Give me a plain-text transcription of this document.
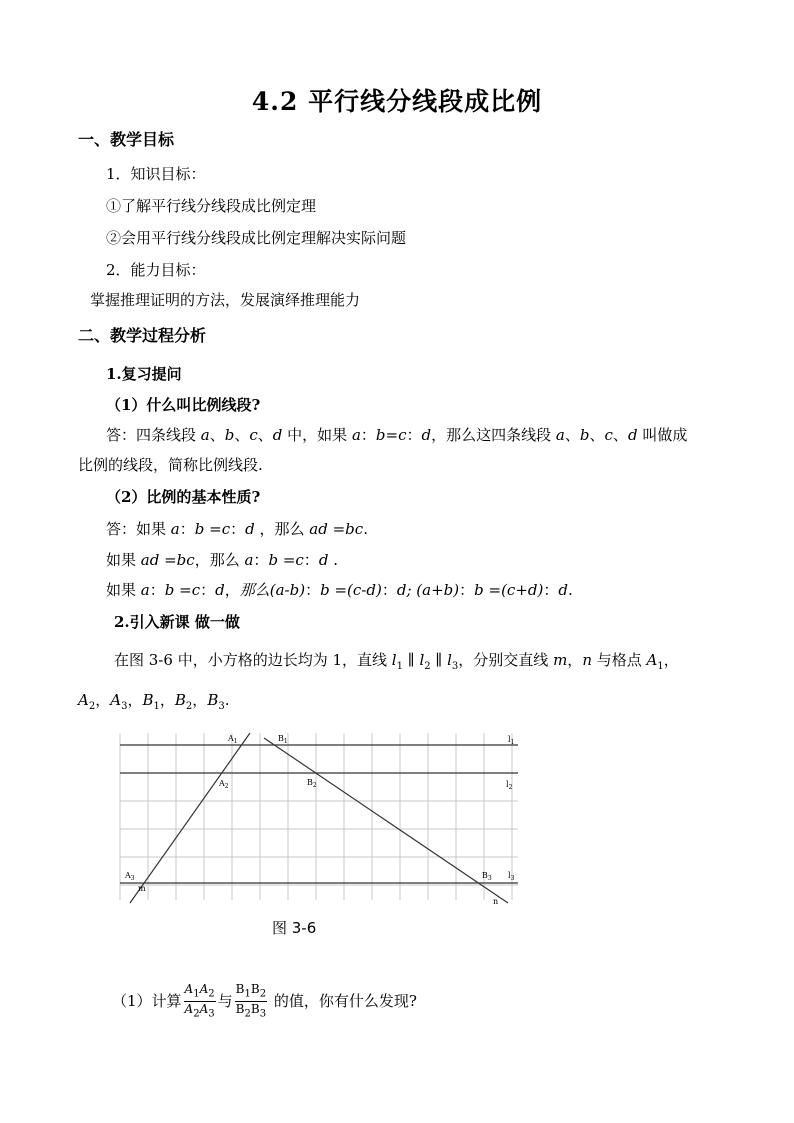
4.2 平行线分线段成比例
一、教学目标
1．知识目标：
①了解平行线分线段成比例定理
②会用平行线分线段成比例定理解决实际问题
2．能力目标：
掌握推理证明的方法，发展演绎推理能力
二、教学过程分析
1.复习提问
（1）什么叫比例线段?
答：四条线段 a、b、c、d 中，如果 a：b=c：d，那么这四条线段 a、b、c、d 叫做成
比例的线段，简称比例线段.
（2）比例的基本性质?
答：如果 a：b =c：d ，那么 ad =bc.
如果 ad =bc，那么 a：b =c：d .
如果 a：b =c：d，那么(a-b)：b =(c-d)：d; (a+b)：b =(c+d)：d.
2.引入新课 做一做
在图 3-6 中，小方格的边长均为 1，直线 $l_1$ ∥ $l_2$ ∥ $l_3$，分别交直线 m，n 与格点 $A_1$，
$A_2$，$A_3$，$B_1$，$B_2$，$B_3$.
$A_1$	$B_1$	$l_1$
$A_2$	$B_2$	$l_2$
$A_3$	$B_3$ $l_3$
m
n
图 3-6
（1）计算 $\frac{A_1A_2}{A_2A_3}$ 与 $\frac{B_1B_2}{B_2B_3}$ 的值，你有什么发现?
